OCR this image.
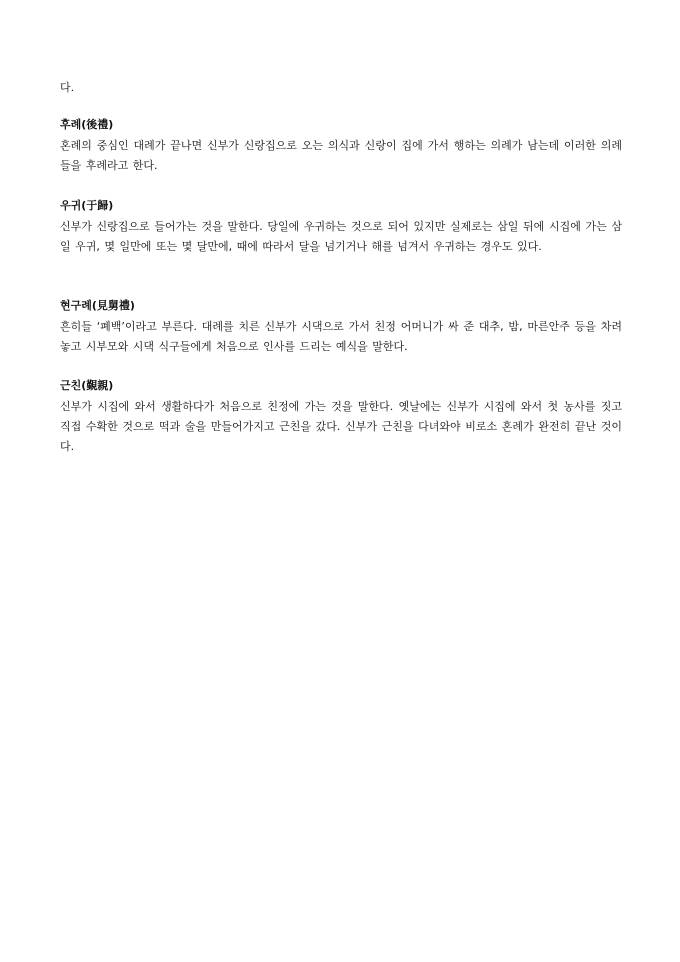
다.

후례(後禮)

혼례의 중심인 대례가 끝나면 신부가 신랑집으로 오는 의식과 신랑이 집에 가서 행하는 의례가 남는데 이러한 의례들을 후례라고 한다.

우귀(于歸)

신부가 신랑집으로 들어가는 것을 말한다. 당일에 우귀하는 것으로 되어 있지만 실제로는 삼일 뒤에 시집에 가는 삼일 우귀, 몇 일만에 또는 몇 달만에, 때에 따라서 달을 넘기거나 해를 넘겨서 우귀하는 경우도 있다.

현구례(見舅禮)

흔히들 ‘폐백’이라고 부른다. 대례를 치른 신부가 시댁으로 가서 친정 어머니가 싸 준 대추, 밤, 마른안주 등을 차려놓고 시부모와 시댁 식구들에게 처음으로 인사를 드리는 예식을 말한다.

근친(覲親)

신부가 시집에 와서 생활하다가 처음으로 친정에 가는 것을 말한다. 옛날에는 신부가 시집에 와서 첫 농사를 짓고 직접 수확한 것으로 떡과 술을 만들어가지고 근친을 갔다. 신부가 근친을 다녀와야 비로소 혼례가 완전히 끝난 것이다.
